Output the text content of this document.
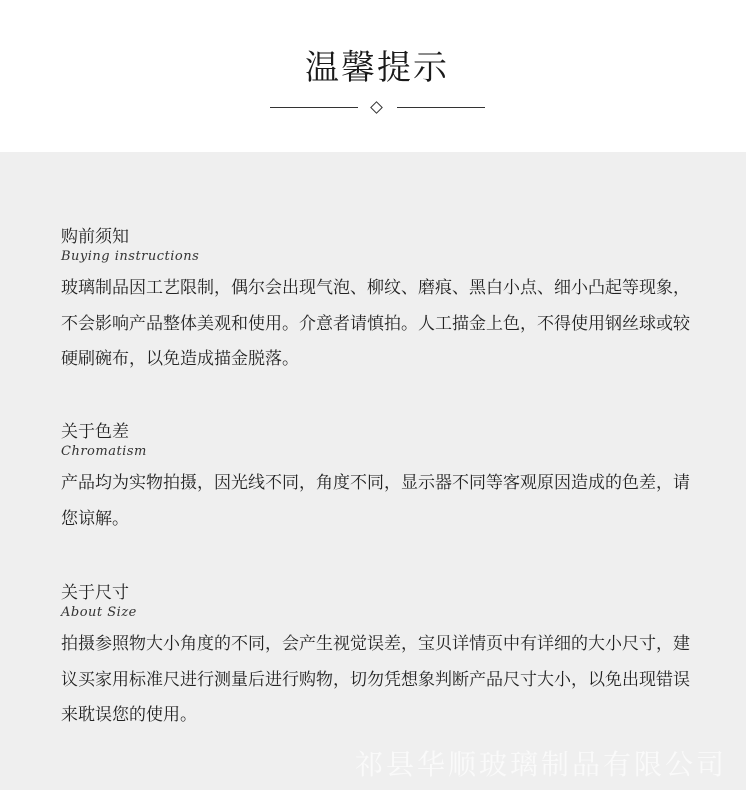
温馨提示
购前须知
Buying instructions
玻璃制品因工艺限制，偶尔会出现气泡、柳纹、磨痕、黑白小点、细小凸起等现象，不会影响产品整体美观和使用。介意者请慎拍。人工描金上色，不得使用钢丝球或较硬刷碗布，以免造成描金脱落。
关于色差
Chromatism
产品均为实物拍摄，因光线不同，角度不同，显示器不同等客观原因造成的色差，请您谅解。
关于尺寸
About Size
拍摄参照物大小角度的不同，会产生视觉误差，宝贝详情页中有详细的大小尺寸，建议买家用标准尺进行测量后进行购物，切勿凭想象判断产品尺寸大小，以免出现错误来耽误您的使用。
祁县华顺玻璃制品有限公司
